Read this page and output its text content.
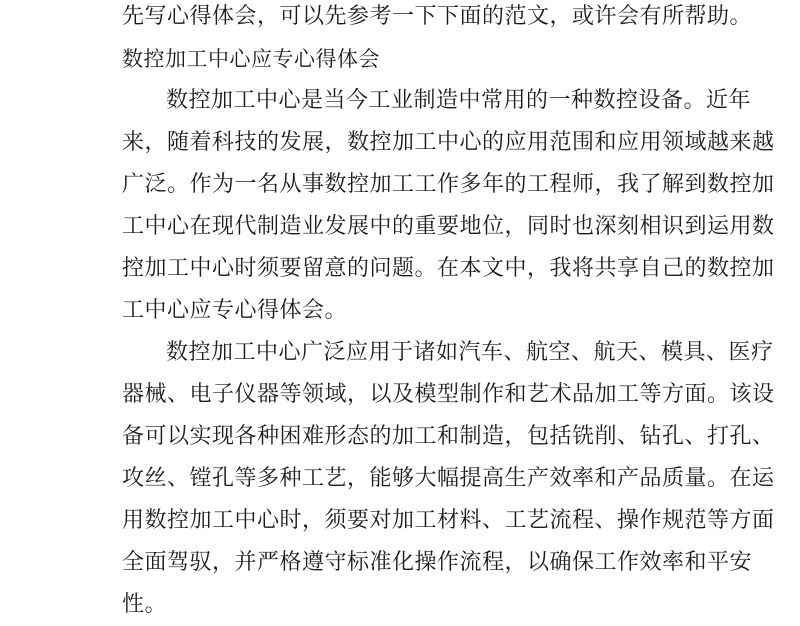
先写心得体会，可以先参考一下下面的范文，或许会有所帮助。
数控加工中心应专心得体会
数控加工中心是当今工业制造中常用的一种数控设备。近年
来，随着科技的发展，数控加工中心的应用范围和应用领域越来越
广泛。作为一名从事数控加工工作多年的工程师，我了解到数控加
工中心在现代制造业发展中的重要地位，同时也深刻相识到运用数
控加工中心时须要留意的问题。在本文中，我将共享自己的数控加
工中心应专心得体会。
数控加工中心广泛应用于诸如汽车、航空、航天、模具、医疗
器械、电子仪器等领域，以及模型制作和艺术品加工等方面。该设
备可以实现各种困难形态的加工和制造，包括铣削、钻孔、打孔、
攻丝、镗孔等多种工艺，能够大幅提高生产效率和产品质量。在运
用数控加工中心时，须要对加工材料、工艺流程、操作规范等方面
全面驾驭，并严格遵守标准化操作流程，以确保工作效率和平安
性。
